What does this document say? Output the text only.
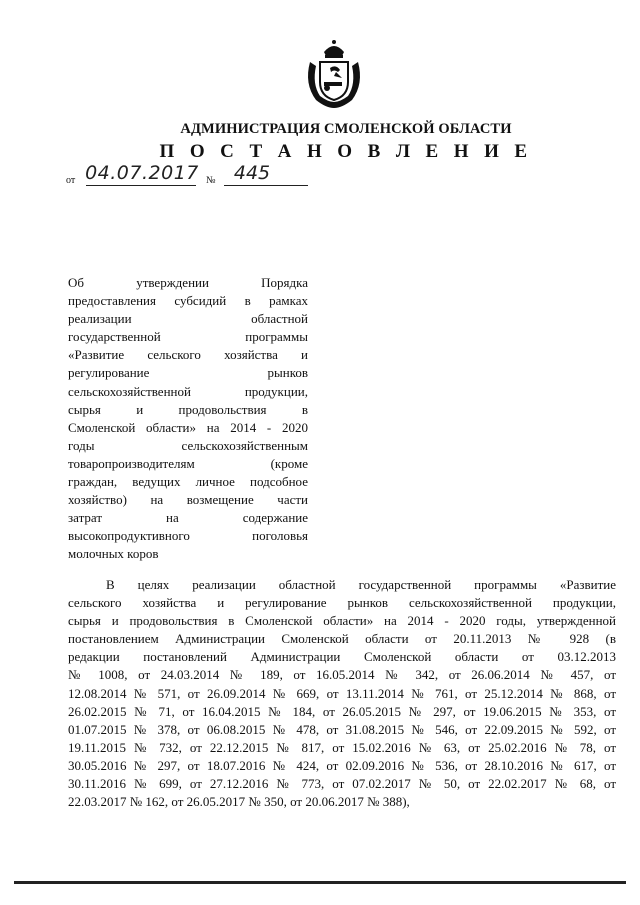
АДМИНИСТРАЦИЯ СМОЛЕНСКОЙ ОБЛАСТИ
П О С Т А Н О В Л Е Н И Е
от 04.07.2017 № 445
Об утверждении Порядка
предоставления субсидий в рамках
реализации областной
государственной программы
«Развитие сельского хозяйства и
регулирование рынков
сельскохозяйственной продукции,
сырья и продовольствия в
Смоленской области» на 2014 - 2020
годы сельскохозяйственным
товаропроизводителям (кроме
граждан, ведущих личное подсобное
хозяйство) на возмещение части
затрат на содержание
высокопродуктивного поголовья
молочных коров
В целях реализации областной государственной программы «Развитие
сельского хозяйства и регулирование рынков сельскохозяйственной продукции,
сырья и продовольствия в Смоленской области» на 2014 - 2020 годы, утвержденной
постановлением Администрации Смоленской области от 20.11.2013 № 928 (в
редакции постановлений Администрации Смоленской области от 03.12.2013
№ 1008, от 24.03.2014 № 189, от 16.05.2014 № 342, от 26.06.2014 № 457, от
12.08.2014 № 571, от 26.09.2014 № 669, от 13.11.2014 № 761, от 25.12.2014 № 868, от
26.02.2015 № 71, от 16.04.2015 № 184, от 26.05.2015 № 297, от 19.06.2015 № 353, от
01.07.2015 № 378, от 06.08.2015 № 478, от 31.08.2015 № 546, от 22.09.2015 № 592, от
19.11.2015 № 732, от 22.12.2015 № 817, от 15.02.2016 № 63, от 25.02.2016 № 78, от
30.05.2016 № 297, от 18.07.2016 № 424, от 02.09.2016 № 536, от 28.10.2016 № 617, от
30.11.2016 № 699, от 27.12.2016 № 773, от 07.02.2017 № 50, от 22.02.2017 № 68, от
22.03.2017 № 162, от 26.05.2017 № 350, от 20.06.2017 № 388),
